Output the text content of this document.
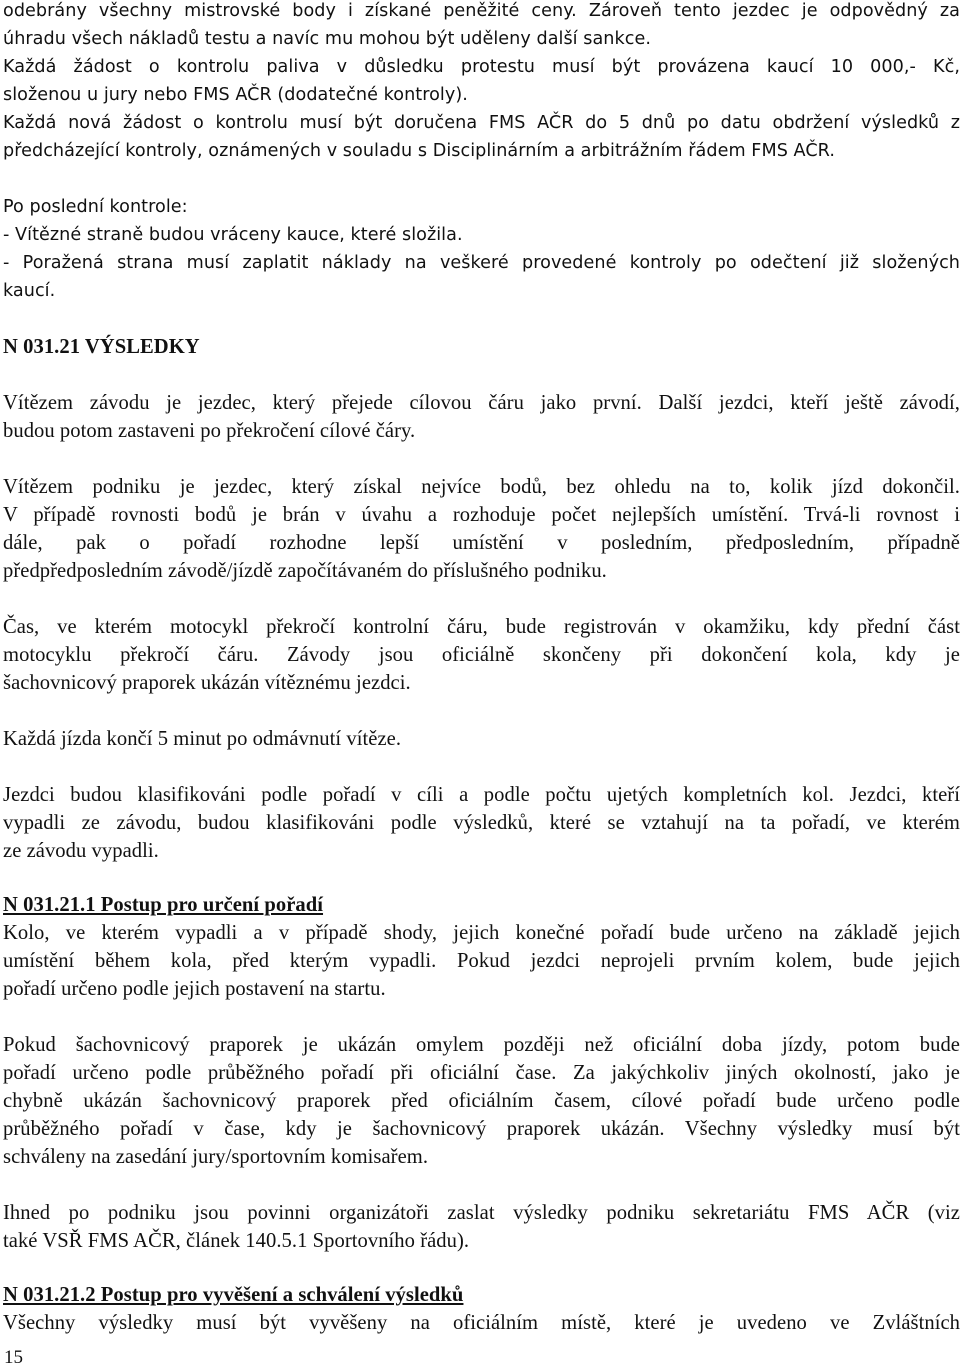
odebrány všechny mistrovské body i získané peněžité ceny. Zároveň tento jezdec je odpovědný za

úhradu všech nákladů testu a navíc mu mohou být uděleny další sankce.

Každá žádost o kontrolu paliva v důsledku protestu musí být provázena kaucí 10 000,- Kč,

složenou u jury nebo FMS AČR (dodatečné kontroly).

Každá nová žádost o kontrolu musí být doručena FMS AČR do 5 dnů po datu obdržení výsledků z

předcházející kontroly, oznámených v souladu s Disciplinárním a arbitrážním řádem FMS AČR.

Po poslední kontrole:

- Vítězné straně budou vráceny kauce, které složila.

- Poražená strana musí zaplatit náklady na veškeré provedené kontroly po odečtení již složených

kaucí.

N 031.21 VÝSLEDKY

Vítězem závodu je jezdec, který přejede cílovou čáru jako první. Další jezdci, kteří ještě závodí,

budou potom zastaveni po překročení cílové čáry.

Vítězem podniku je jezdec, který získal nejvíce bodů, bez ohledu na to, kolik jízd dokončil.

V případě rovnosti bodů je brán v úvahu a rozhoduje počet nejlepších umístění. Trvá-li rovnost i

dále, pak o pořadí rozhodne lepší umístění v posledním, předposledním, případně

předpředposledním závodě/jízdě započítávaném do příslušného podniku.

Čas, ve kterém motocykl překročí kontrolní čáru, bude registrován v okamžiku, kdy přední část

motocyklu překročí čáru. Závody jsou oficiálně skončeny při dokončení kola, kdy je

šachovnicový praporek ukázán vítěznému jezdci.

Každá jízda končí 5 minut po odmávnutí vítěze.

Jezdci budou klasifikováni podle pořadí v cíli a podle počtu ujetých kompletních kol. Jezdci, kteří

vypadli ze závodu, budou klasifikováni podle výsledků, které se vztahují na ta pořadí, ve kterém

ze závodu vypadli.

N 031.21.1 Postup pro určení pořadí

Kolo, ve kterém vypadli a v případě shody, jejich konečné pořadí bude určeno na základě jejich

umístění během kola, před kterým vypadli. Pokud jezdci neprojeli prvním kolem, bude jejich

pořadí určeno podle jejich postavení na startu.

Pokud šachovnicový praporek je ukázán omylem později než oficiální doba jízdy, potom bude

pořadí určeno podle průběžného pořadí při oficiální čase. Za jakýchkoliv jiných okolností, jako je

chybně ukázán šachovnicový praporek před oficiálním časem, cílové pořadí bude určeno podle

průběžného pořadí v čase, kdy je šachovnicový praporek ukázán. Všechny výsledky musí být

schváleny na zasedání jury/sportovním komisařem.

Ihned po podniku jsou povinni organizátoři zaslat výsledky podniku sekretariátu FMS AČR (viz

také VSŘ FMS AČR, článek 140.5.1 Sportovního řádu).

N 031.21.2 Postup pro vyvěšení a schválení výsledků

Všechny výsledky musí být vyvěšeny na oficiálním místě, které je uvedeno ve Zvláštních

15
